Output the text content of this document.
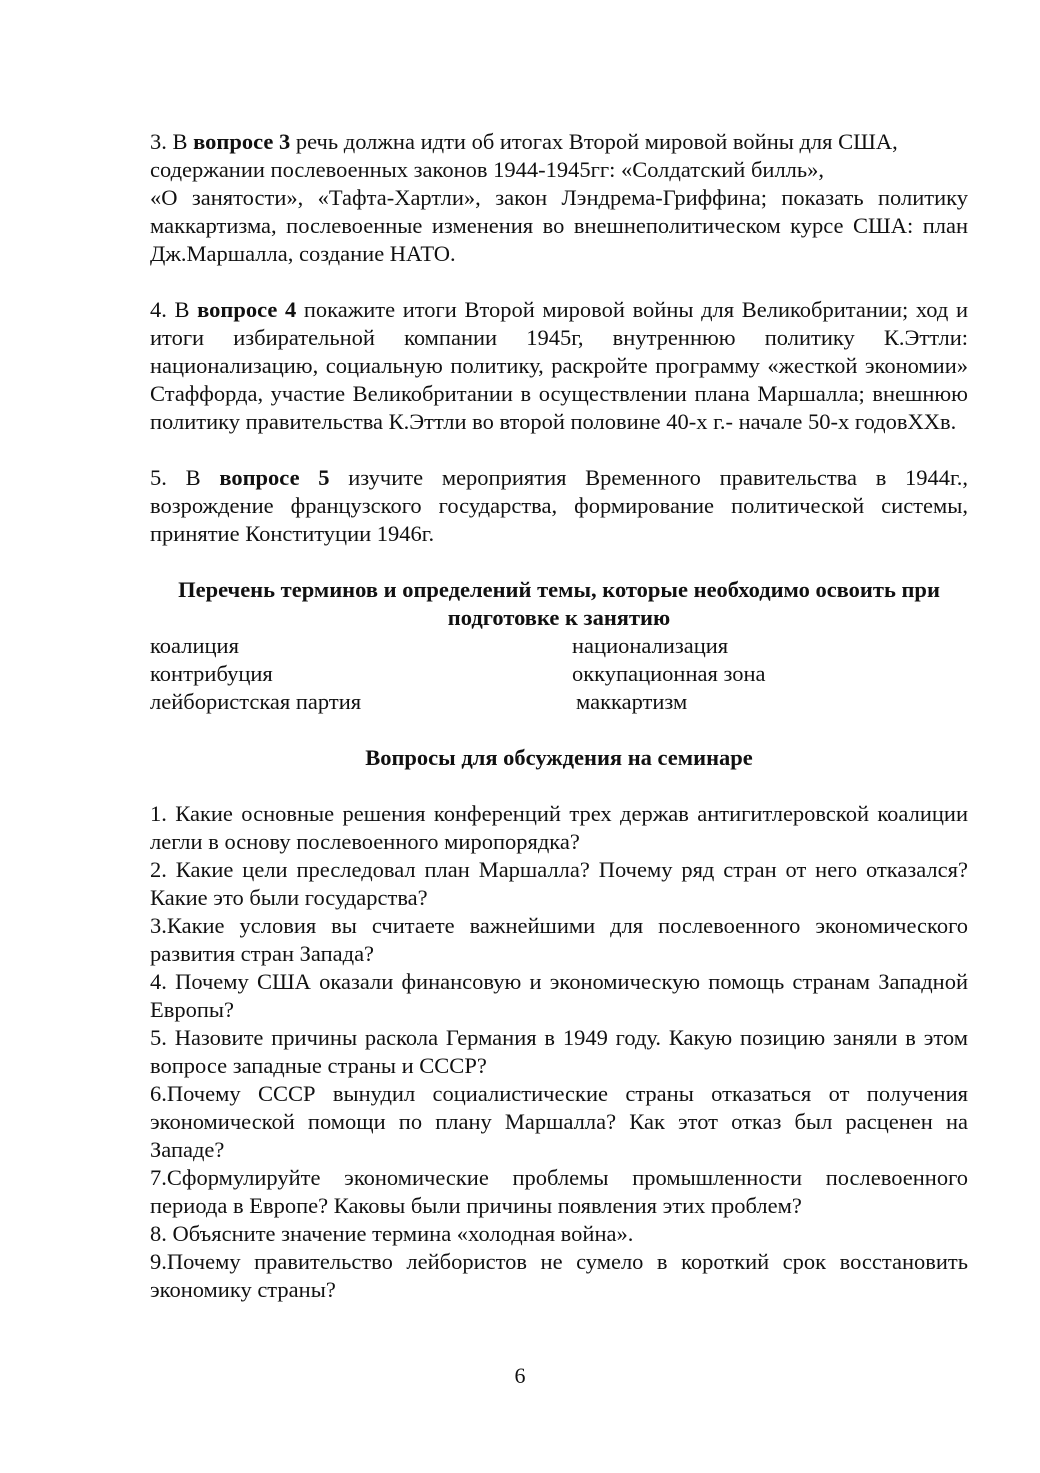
3. В вопросе 3 речь должна идти об итогах Второй мировой войны для США, содержании послевоенных законов 1944-1945гг: «Солдатский билль»,

«О занятости», «Тафта-Хартли», закон Лэндрема-Гриффина; показать политику маккартизма, послевоенные изменения во внешнеполитическом курсе США: план Дж.Маршалла, создание НАТО.

4. В вопросе 4 покажите итоги Второй мировой войны для Великобритании; ход и итоги избирательной компании 1945г, внутреннюю политику К.Эттли: национализацию, социальную политику, раскройте программу «жесткой экономии» Стаффорда, участие Великобритании в осуществлении плана Маршалла; внешнюю политику правительства К.Эттли во второй половине 40-х г.- начале 50-х годовXXв.

5. В вопросе 5 изучите мероприятия Временного правительства в 1944г., возрождение французского государства, формирование политической системы, принятие Конституции 1946г.

Перечень терминов и определений темы, которые необходимо освоить при подготовке к занятию

коалиция	национализация
контрибуция	оккупационная зона
лейбористская партия	маккартизм

Вопросы для обсуждения на семинаре

1. Какие основные решения конференций трех держав антигитлеровской коалиции легли в основу послевоенного миропорядка?

2. Какие цели преследовал план Маршалла? Почему ряд стран от него отказался? Какие это были государства?

3.Какие условия вы считаете важнейшими для послевоенного экономического развития стран Запада?

4. Почему США оказали финансовую и экономическую помощь странам Западной Европы?

5. Назовите причины раскола Германия в 1949 году. Какую позицию заняли в этом вопросе западные страны и СССР?

6.Почему СССР вынудил социалистические страны отказаться от получения экономической помощи по плану Маршалла? Как этот отказ был расценен на Западе?

7.Сформулируйте экономические проблемы промышленности послевоенного периода в Европе? Каковы были причины появления этих проблем?

8. Объясните значение термина «холодная война».

9.Почему правительство лейбористов не сумело в короткий срок восстановить экономику страны?

6
